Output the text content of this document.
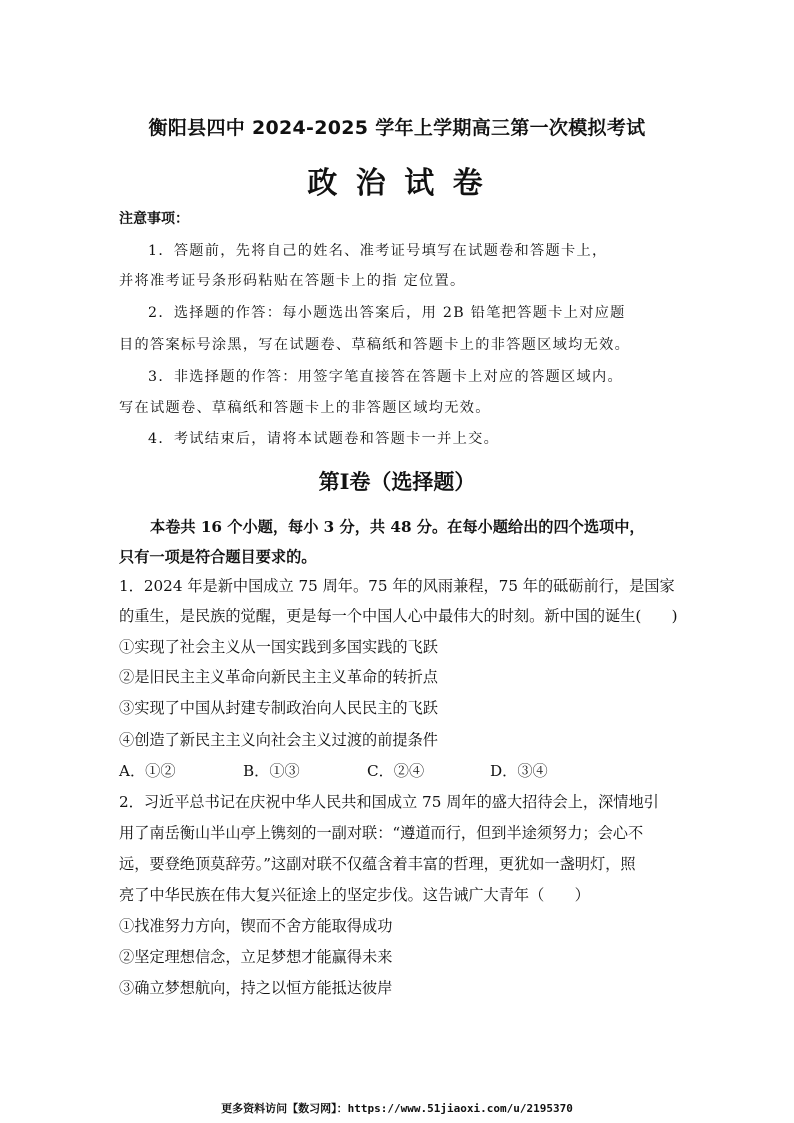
衡阳县四中 2024-2025 学年上学期高三第一次模拟考试
政 治 试 卷
注意事项：
1．答题前，先将自己的姓名、准考证号填写在试题卷和答题卡上，
并将准考证号条形码粘贴在答题卡上的指 定位置。
2．选择题的作答：每小题选出答案后，用 2B 铅笔把答题卡上对应题
目的答案标号涂黑，写在试题卷、草稿纸和答题卡上的非答题区域均无效。
3．非选择题的作答：用签字笔直接答在答题卡上对应的答题区域内。
写在试题卷、草稿纸和答题卡上的非答题区域均无效。
4．考试结束后，请将本试题卷和答题卡一并上交。
第Ⅰ卷（选择题）
本卷共 16 个小题，每小 3 分，共 48 分。在每小题给出的四个选项中，
只有一项是符合题目要求的。
1．2024 年是新中国成立 75 周年。75 年的风雨兼程，75 年的砥砺前行，是国家
的重生，是民族的觉醒，更是每一个中国人心中最伟大的时刻。新中国的诞生(　　)
①实现了社会主义从一国实践到多国实践的飞跃
②是旧民主主义革命向新民主主义革命的转折点
③实现了中国从封建专制政治向人民民主的飞跃
④创造了新民主主义向社会主义过渡的前提条件
A．①②	B．①③	C．②④	D．③④
2．习近平总书记在庆祝中华人民共和国成立 75 周年的盛大招待会上，深情地引
用了南岳衡山半山亭上镌刻的一副对联：“遵道而行，但到半途须努力；会心不
远，要登绝顶莫辞劳。”这副对联不仅蕴含着丰富的哲理，更犹如一盏明灯，照
亮了中华民族在伟大复兴征途上的坚定步伐。这告诫广大青年（　　）
①找准努力方向，锲而不舍方能取得成功
②坚定理想信念，立足梦想才能赢得未来
③确立梦想航向，持之以恒方能抵达彼岸
更多资料访问【数习网】：https://www.51jiaoxi.com/u/2195370
